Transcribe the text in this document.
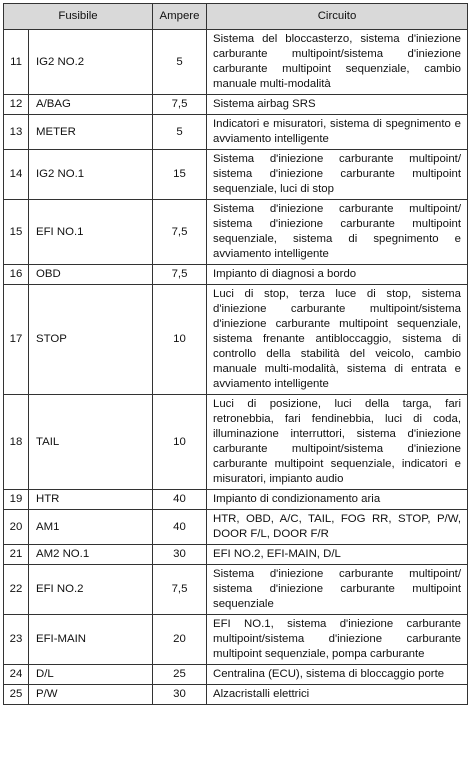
Fusibile		Ampere	Circuito
11	IG2 NO.2	5	Sistema del bloccasterzo, sistema d'iniezione carburante multipoint/sistema d'iniezione carburante multipoint sequenziale, cambio manuale multi-modalità
12	A/BAG	7,5	Sistema airbag SRS
13	METER	5	Indicatori e misuratori, sistema di spegnimento e avviamento intelligente
14	IG2 NO.1	15	Sistema d'iniezione carburante multipoint/ sistema d'iniezione carburante multipoint sequenziale, luci di stop
15	EFI NO.1	7,5	Sistema d'iniezione carburante multipoint/ sistema d'iniezione carburante multipoint sequenziale, sistema di spegnimento e avviamento intelligente
16	OBD	7,5	Impianto di diagnosi a bordo
17	STOP	10	Luci di stop, terza luce di stop, sistema d'iniezione carburante multipoint/sistema d'iniezione carburante multipoint sequenziale, sistema frenante antibloccaggio, sistema di controllo della stabilità del veicolo, cambio manuale multi-modalità, sistema di entrata e avviamento intelligente
18	TAIL	10	Luci di posizione, luci della targa, fari retronebbia, fari fendinebbia, luci di coda, illuminazione interruttori, sistema d'iniezione carburante multipoint/sistema d'iniezione carburante multipoint sequenziale, indicatori e misuratori, impianto audio
19	HTR	40	Impianto di condizionamento aria
20	AM1	40	HTR, OBD, A/C, TAIL, FOG RR, STOP, P/W, DOOR F/L, DOOR F/R
21	AM2 NO.1	30	EFI NO.2, EFI-MAIN, D/L
22	EFI NO.2	7,5	Sistema d'iniezione carburante multipoint/ sistema d'iniezione carburante multipoint sequenziale
23	EFI-MAIN	20	EFI NO.1, sistema d'iniezione carburante multipoint/sistema d'iniezione carburante multipoint sequenziale, pompa carburante
24	D/L	25	Centralina (ECU), sistema di bloccaggio porte
25	P/W	30	Alzacristalli elettrici
